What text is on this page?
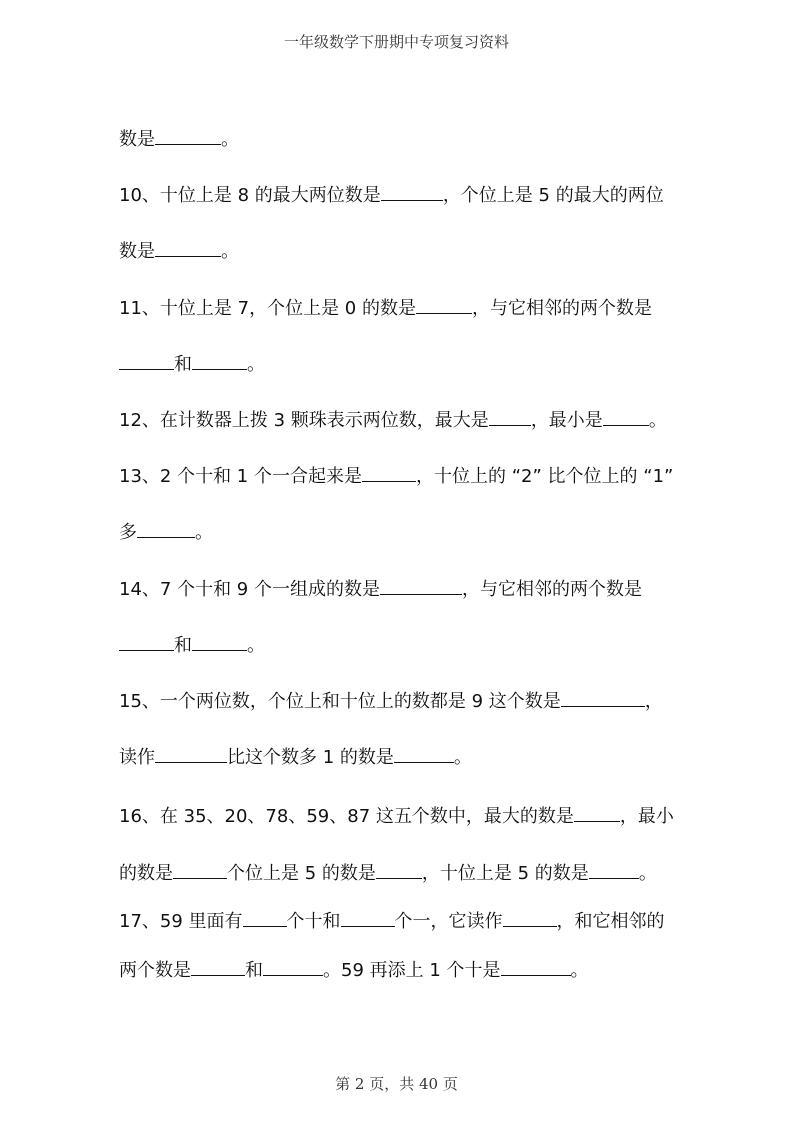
一年级数学下册期中专项复习资料
数是	。
10、十位上是 8 的最大两位数是	，个位上是 5 的最大的两位
数是	。
11、十位上是 7，个位上是 0 的数是	，与它相邻的两个数是
和	。
12、在计数器上拨 3 颗珠表示两位数，最大是 ，最小是	。
13、2 个十和 1 个一合起来是	，十位上的 “2” 比个位上的 “1”
多	。
14、7 个十和 9 个一组成的数是	，与它相邻的两个数是
和	。
15、一个两位数，个位上和十位上的数都是 9 这个数是	，
读作	比这个数多 1 的数是	。
16、在 35、20、78、59、87 这五个数中，最大的数是	，最小
的数是	个位上是 5 的数是	，十位上是 5 的数是	。
17、59 里面有 个十和	个一，它读作	，和它相邻的
两个数是	和	。59 再添上 1 个十是	。
第 2 页，共 40 页
